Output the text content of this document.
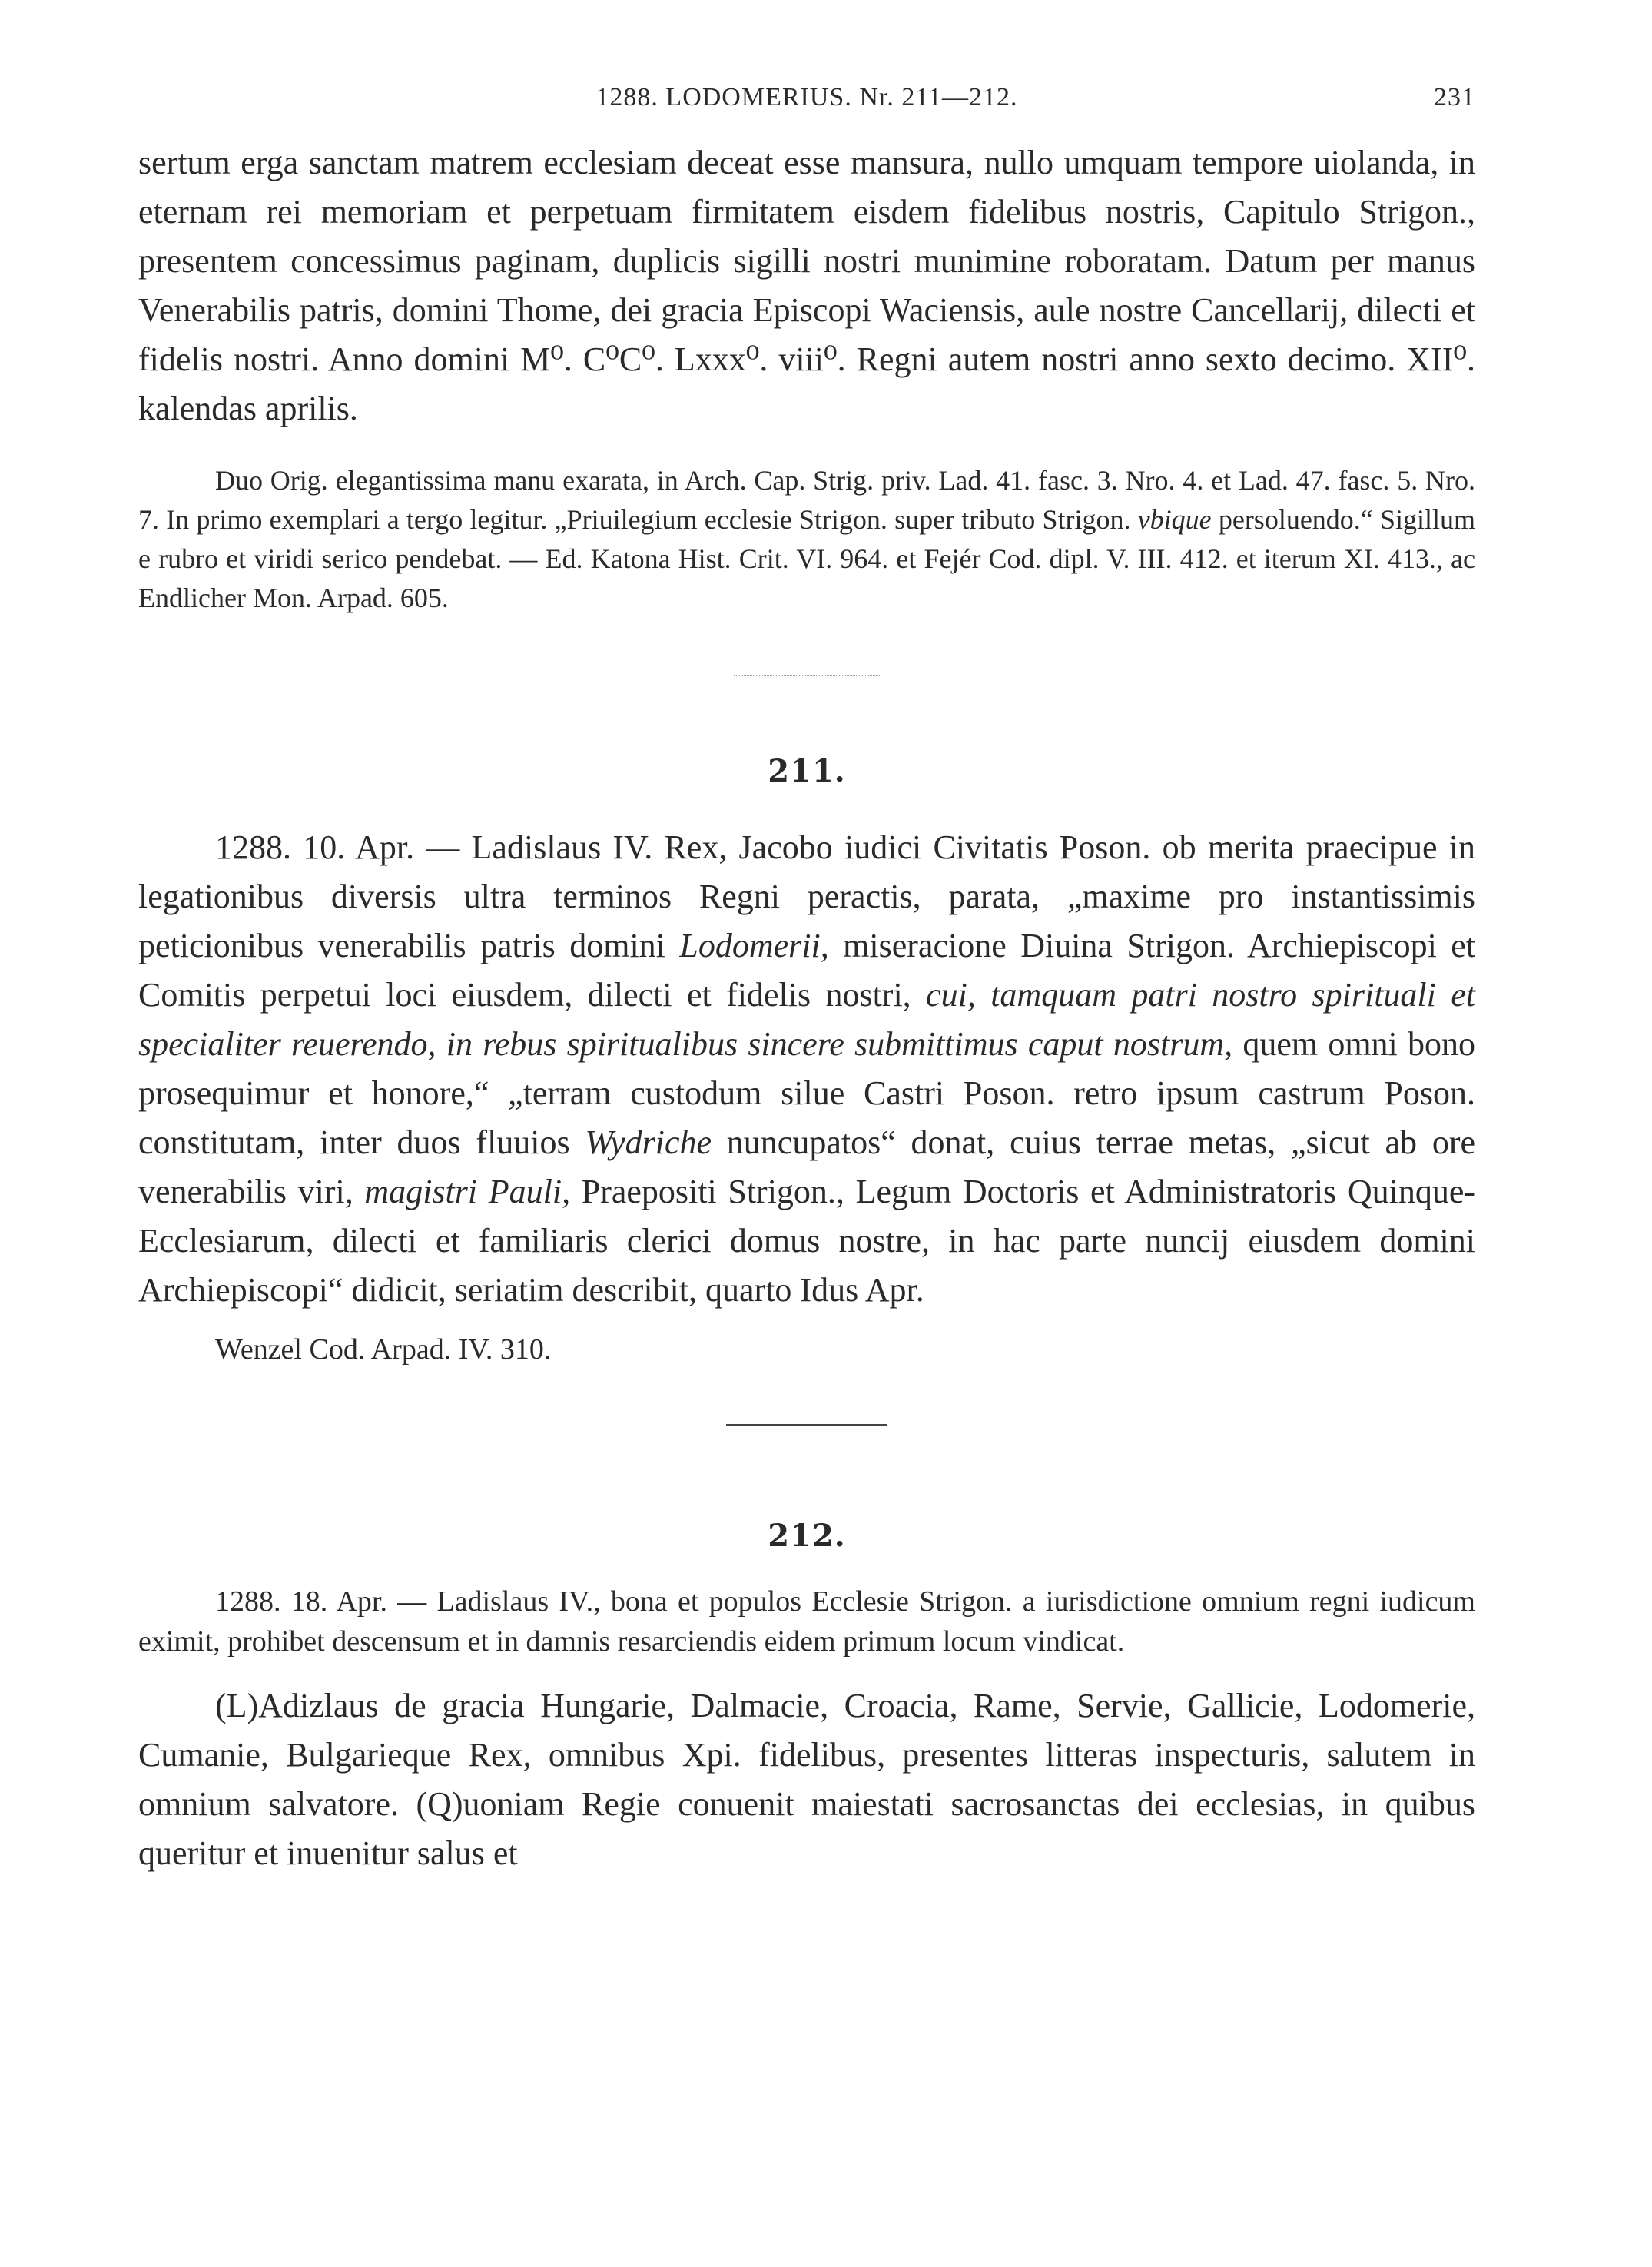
1288. LODOMERIUS. Nr. 211—212.	231

sertum erga sanctam matrem ecclesiam deceat esse mansura, nullo umquam tempore uiolanda, in eternam rei memoriam et perpetuam firmitatem eisdem fidelibus nostris, Capitulo Strigon., presentem concessimus paginam, duplicis sigilli nostri munimine roboratam. Datum per manus Venerabilis patris, domini Thome, dei gracia Episcopi Waciensis, aule nostre Cancellarij, dilecti et fidelis nostri. Anno domini M⁰. C⁰C⁰. Lxxx⁰. viii⁰. Regni autem nostri anno sexto decimo. XII⁰. kalendas aprilis.

Duo Orig. elegantissima manu exarata, in Arch. Cap. Strig. priv. Lad. 41. fasc. 3. Nro. 4. et Lad. 47. fasc. 5. Nro. 7. In primo exemplari a tergo legitur. „Priuilegium ecclesie Strigon. super tributo Strigon. vbique persoluendo.“ Sigillum e rubro et viridi serico pendebat. — Ed. Katona Hist. Crit. VI. 964. et Fejér Cod. dipl. V. III. 412. et iterum XI. 413., ac Endlicher Mon. Arpad. 605.

211.

1288. 10. Apr. — Ladislaus IV. Rex, Jacobo iudici Civitatis Poson. ob merita praecipue in legationibus diversis ultra terminos Regni peractis, parata, „maxime pro instantissimis peticionibus venerabilis patris domini Lodomerii, miseracione Diuina Strigon. Archiepiscopi et Comitis perpetui loci eiusdem, dilecti et fidelis nostri, cui, tamquam patri nostro spirituali et specialiter reuerendo, in rebus spiritualibus sincere submittimus caput nostrum, quem omni bono prosequimur et honore,“ „terram custodum silue Castri Poson. retro ipsum castrum Poson. constitutam, inter duos fluuios Wydriche nuncupatos“ donat, cuius terrae metas, „sicut ab ore venerabilis viri, magistri Pauli, Praepositi Strigon., Legum Doctoris et Administratoris Quinque-Ecclesiarum, dilecti et familiaris clerici domus nostre, in hac parte nuncij eiusdem domini Archiepiscopi“ didicit, seriatim describit, quarto Idus Apr.

Wenzel Cod. Arpad. IV. 310.

212.

1288. 18. Apr. — Ladislaus IV., bona et populos Ecclesie Strigon. a iurisdictione omnium regni iudicum eximit, prohibet descensum et in damnis resarciendis eidem primum locum vindicat.

(L)Adizlaus de gracia Hungarie, Dalmacie, Croacia, Rame, Servie, Gallicie, Lodomerie, Cumanie, Bulgarieque Rex, omnibus Xpi. fidelibus, presentes litteras inspecturis, salutem in omnium salvatore. (Q)uoniam Regie conuenit maiestati sacrosanctas dei ecclesias, in quibus queritur et inuenitur salus et
